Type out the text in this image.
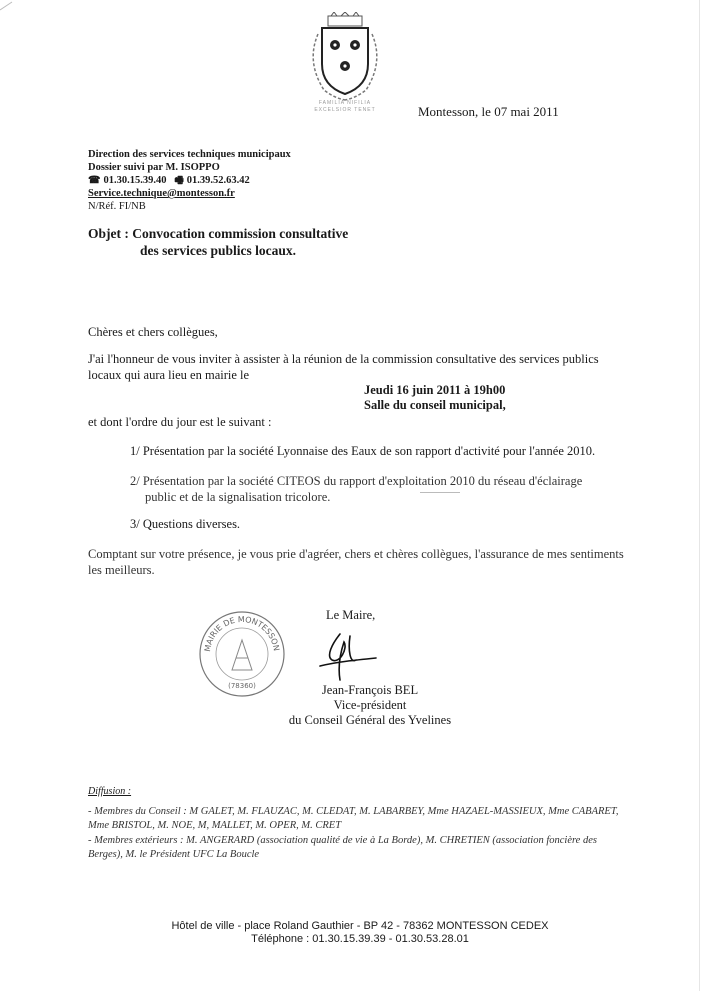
FAMILIA NIFILIA
EXCELSIOR TENET	Montesson, le 07 mai 2011
Direction des services techniques municipaux
Dossier suivi par M. ISOPPO
☎ 01.30.15.39.40 🖷 01.39.52.63.42
Service.technique@montesson.fr
N/Réf. FI/NB
Objet : Convocation commission consultative
des services publics locaux.
Chères et chers collègues,
J'ai l'honneur de vous inviter à assister à la réunion de la commission consultative des services publics locaux qui aura lieu en mairie le
Jeudi 16 juin 2011 à 19h00
Salle du conseil municipal,
et dont l'ordre du jour est le suivant :
1/ Présentation par la société Lyonnaise des Eaux de son rapport d'activité pour l'année 2010.
2/ Présentation par la société CITEOS du rapport d'exploitation 2010 du réseau d'éclairage
public et de la signalisation tricolore.
3/ Questions diverses.
Comptant sur votre présence, je vous prie d'agréer, chers et chères collègues, l'assurance de mes sentiments les meilleurs.
Le Maire,
MAIRIE DE MONTESSON
(78360)	Jean-François BEL
Vice-président
du Conseil Général des Yvelines
Diffusion :

- Membres du Conseil : M GALET, M. FLAUZAC, M. CLEDAT, M. LABARBEY, Mme HAZAEL-MASSIEUX, Mme CABARET, Mme BRISTOL, M. NOE, M, MALLET, M. OPER, M. CRET

- Membres extérieurs : M. ANGERARD (association qualité de vie à La Borde), M. CHRETIEN (association foncière des Berges), M. le Président UFC La Boucle

Hôtel de ville - place Roland Gauthier - BP 42 - 78362 MONTESSON CEDEX
Téléphone : 01.30.15.39.39 - 01.30.53.28.01
